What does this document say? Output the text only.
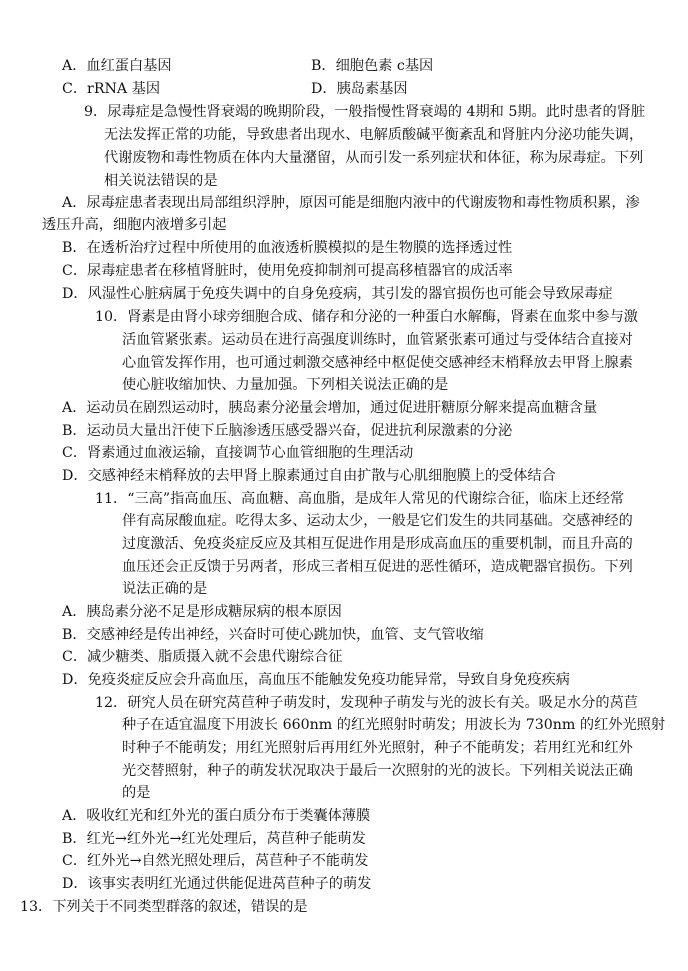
A．血红蛋白基因	B．细胞色素 c基因
C．rRNA 基因	D．胰岛素基因
9．尿毒症是急慢性肾衰竭的晚期阶段，一般指慢性肾衰竭的 4期和 5期。此时患者的肾脏
无法发挥正常的功能，导致患者出现水、电解质酸碱平衡紊乱和肾脏内分泌功能失调，
代谢废物和毒性物质在体内大量潴留，从而引发一系列症状和体征，称为尿毒症。下列
相关说法错误的是
A．尿毒症患者表现出局部组织浮肿，原因可能是细胞内液中的代谢废物和毒性物质积累，渗
透压升高，细胞内液增多引起
B．在透析治疗过程中所使用的血液透析膜模拟的是生物膜的选择透过性
C．尿毒症患者在移植肾脏时，使用免疫抑制剂可提高移植器官的成活率
D．风湿性心脏病属于免疫失调中的自身免疫病，其引发的器官损伤也可能会导致尿毒症
10．肾素是由肾小球旁细胞合成、储存和分泌的一种蛋白水解酶，肾素在血浆中参与激
活血管紧张素。运动员在进行高强度训练时，血管紧张素可通过与受体结合直接对
心血管发挥作用，也可通过刺激交感神经中枢促使交感神经末梢释放去甲肾上腺素
使心脏收缩加快、力量加强。下列相关说法正确的是
A．运动员在剧烈运动时，胰岛素分泌量会增加，通过促进肝糖原分解来提高血糖含量
B．运动员大量出汗使下丘脑渗透压感受器兴奋，促进抗利尿激素的分泌
C．肾素通过血液运输，直接调节心血管细胞的生理活动
D．交感神经末梢释放的去甲肾上腺素通过自由扩散与心肌细胞膜上的受体结合
11．“三高”指高血压、高血糖、高血脂，是成年人常见的代谢综合征，临床上还经常
伴有高尿酸血症。吃得太多、运动太少，一般是它们发生的共同基础。交感神经的
过度激活、免疫炎症反应及其相互促进作用是形成高血压的重要机制，而且升高的
血压还会正反馈于另两者，形成三者相互促进的恶性循环，造成靶器官损伤。下列
说法正确的是
A．胰岛素分泌不足是形成糖尿病的根本原因
B．交感神经是传出神经，兴奋时可使心跳加快，血管、支气管收缩
C．减少糖类、脂质摄入就不会患代谢综合征
D．免疫炎症反应会升高血压，高血压不能触发免疫功能异常，导致自身免疫疾病
12．研究人员在研究莴苣种子萌发时，发现种子萌发与光的波长有关。吸足水分的莴苣
种子在适宜温度下用波长 660nm 的红光照射时萌发；用波长为 730nm 的红外光照射
时种子不能萌发；用红光照射后再用红外光照射，种子不能萌发；若用红光和红外
光交替照射，种子的萌发状况取决于最后一次照射的光的波长。下列相关说法正确
的是
A．吸收红光和红外光的蛋白质分布于类囊体薄膜
B．红光→红外光→红光处理后，莴苣种子能萌发
C．红外光→自然光照处理后，莴苣种子不能萌发
D．该事实表明红光通过供能促进莴苣种子的萌发
13．下列关于不同类型群落的叙述，错误的是
